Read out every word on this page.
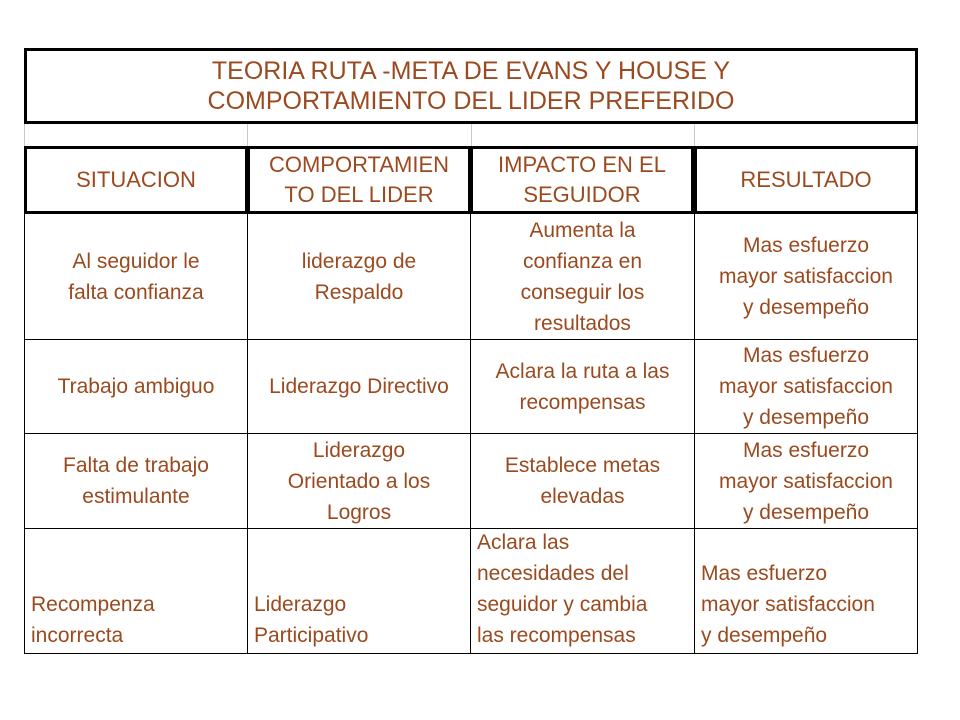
TEORIA RUTA -META DE EVANS Y HOUSE Y
COMPORTAMIENTO DEL LIDER PREFERIDO
SITUACION
COMPORTAMIEN
TO DEL LIDER
IMPACTO EN EL
SEGUIDOR
RESULTADO
Al seguidor le
falta confianza
liderazgo de
Respaldo
Aumenta la
confianza en
conseguir los
resultados
Mas esfuerzo
mayor satisfaccion
y desempeño
Trabajo ambiguo	Liderazgo Directivo
Aclara la ruta a las
recompensas
Mas esfuerzo
mayor satisfaccion
y desempeño
Falta de trabajo
estimulante
Liderazgo
Orientado a los
Logros
Establece metas
elevadas
Mas esfuerzo
mayor satisfaccion
y desempeño
Recompenza
incorrecta
Liderazgo
Participativo
Aclara las
necesidades del
seguidor y cambia
las recompensas
Mas esfuerzo
mayor satisfaccion
y desempeño
